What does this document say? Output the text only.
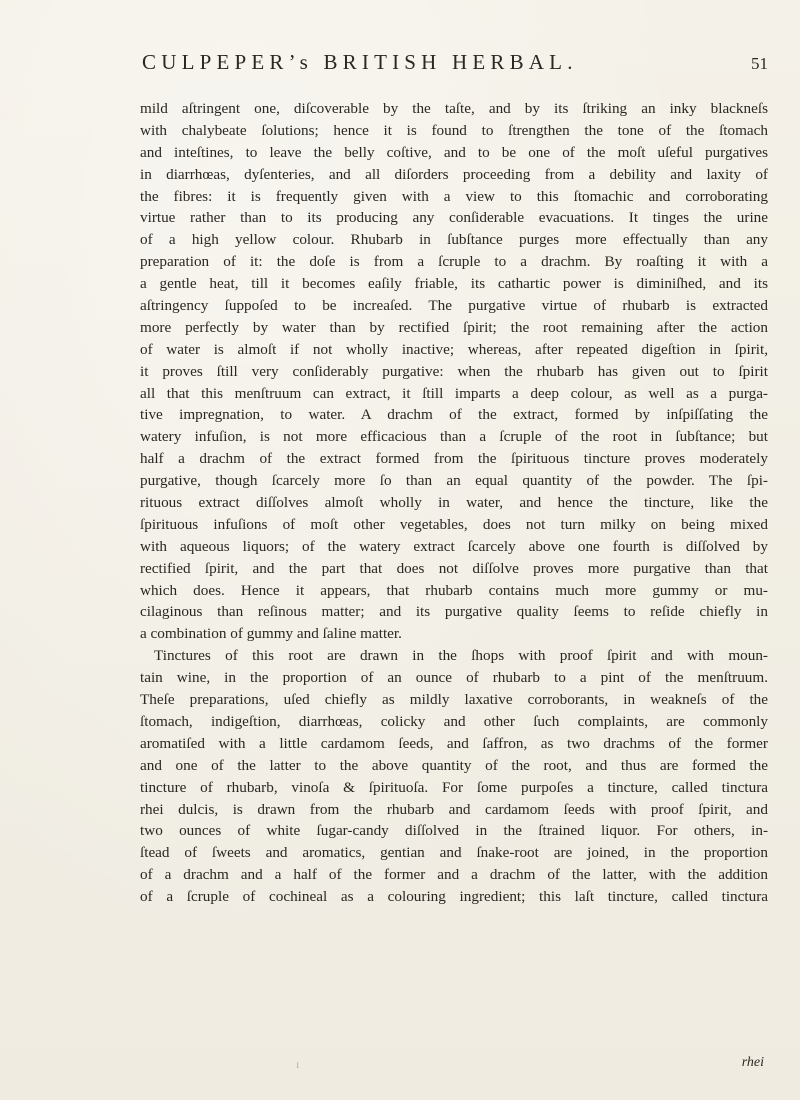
CULPEPER’s BRITISH HERBAL.	51
mild aſtringent one, diſcoverable by the taſte, and by its ſtriking an inky blackneſs
with chalybeate ſolutions; hence it is found to ſtrengthen the tone of the ſtomach
and inteſtines, to leave the belly coſtive, and to be one of the moſt uſeful purgatives
in diarrhœas, dyſenteries, and all diſorders proceeding from a debility and laxity of
the fibres: it is frequently given with a view to this ſtomachic and corroborating
virtue rather than to its producing any conſiderable evacuations. It tinges the urine
of a high yellow colour. Rhubarb in ſubſtance purges more effectually than any
preparation of it: the doſe is from a ſcruple to a drachm. By roaſting it with a
a gentle heat, till it becomes eaſily friable, its cathartic power is diminiſhed, and its
aſtringency ſuppoſed to be increaſed. The purgative virtue of rhubarb is extracted
more perfectly by water than by rectified ſpirit; the root remaining after the action
of water is almoſt if not wholly inactive; whereas, after repeated digeſtion in ſpirit,
it proves ſtill very conſiderably purgative: when the rhubarb has given out to ſpirit
all that this menſtruum can extract, it ſtill imparts a deep colour, as well as a purga-
tive impregnation, to water. A drachm of the extract, formed by inſpiſſating the
watery infuſion, is not more efficacious than a ſcruple of the root in ſubſtance; but
half a drachm of the extract formed from the ſpirituous tincture proves moderately
purgative, though ſcarcely more ſo than an equal quantity of the powder. The ſpi-
rituous extract diſſolves almoſt wholly in water, and hence the tincture, like the
ſpirituous infuſions of moſt other vegetables, does not turn milky on being mixed
with aqueous liquors; of the watery extract ſcarcely above one fourth is diſſolved by
rectified ſpirit, and the part that does not diſſolve proves more purgative than that
which does. Hence it appears, that rhubarb contains much more gummy or mu-
cilaginous than reſinous matter; and its purgative quality ſeems to reſide chiefly in
a combination of gummy and ſaline matter.
Tinctures of this root are drawn in the ſhops with proof ſpirit and with moun-
tain wine, in the proportion of an ounce of rhubarb to a pint of the menſtruum.
Theſe preparations, uſed chiefly as mildly laxative corroborants, in weakneſs of the
ſtomach, indigeſtion, diarrhœas, colicky and other ſuch complaints, are commonly
aromatiſed with a little cardamom ſeeds, and ſaffron, as two drachms of the former
and one of the latter to the above quantity of the root, and thus are formed the
tincture of rhubarb, vinoſa & ſpirituoſa. For ſome purpoſes a tincture, called tinctura
rhei dulcis, is drawn from the rhubarb and cardamom ſeeds with proof ſpirit, and
two ounces of white ſugar-candy diſſolved in the ſtrained liquor. For others, in-
ſtead of ſweets and aromatics, gentian and ſnake-root are joined, in the proportion
of a drachm and a half of the former and a drachm of the latter, with the addition
of a ſcruple of cochineal as a colouring ingredient; this laſt tincture, called tinctura
ı	rhei
